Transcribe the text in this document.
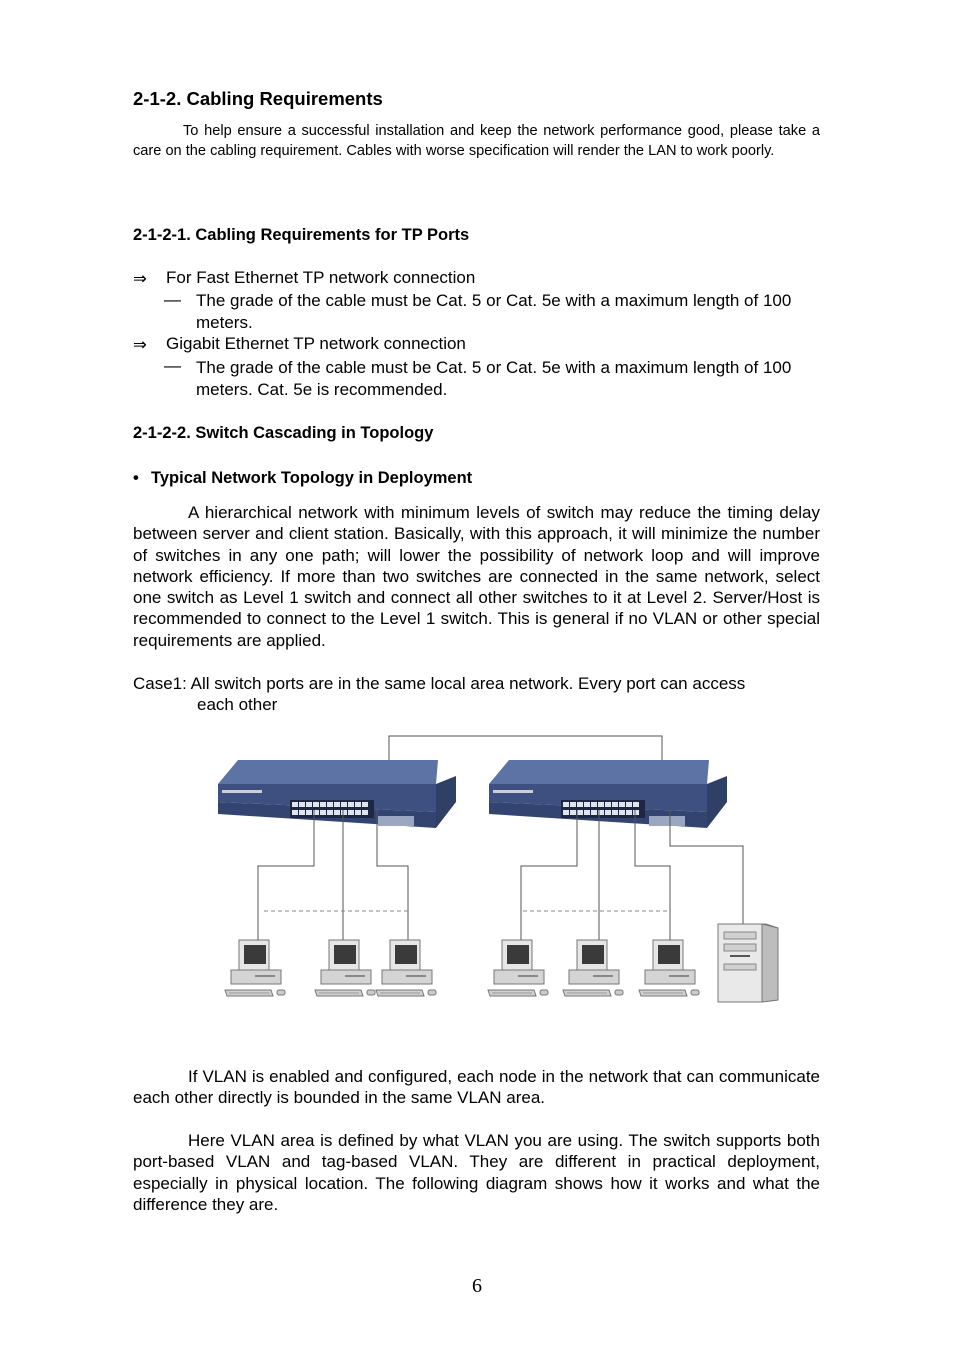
2-1-2. Cabling Requirements

To help ensure a successful installation and keep the network performance good, please take a care on the cabling requirement. Cables with worse specification will render the LAN to work poorly.

2-1-2-1. Cabling Requirements for TP Ports
⇒ For Fast Ethernet TP network connection
— The grade of the cable must be Cat. 5 or Cat. 5e with a maximum length of 100 meters.
⇒ Gigabit Ethernet TP network connection
— The grade of the cable must be Cat. 5 or Cat. 5e with a maximum length of 100 meters. Cat. 5e is recommended.
2-1-2-2. Switch Cascading in Topology
• Typical Network Topology in Deployment

A hierarchical network with minimum levels of switch may reduce the timing delay between server and client station. Basically, with this approach, it will minimize the number of switches in any one path; will lower the possibility of network loop and will improve network efficiency. If more than two switches are connected in the same network, select one switch as Level 1 switch and connect all other switches to it at Level 2. Server/Host is recommended to connect to the Level 1 switch. This is general if no VLAN or other special requirements are applied.

Case1: All switch ports are in the same local area network. Every port can access
each other

If VLAN is enabled and configured, each node in the network that can communicate each other directly is bounded in the same VLAN area.

Here VLAN area is defined by what VLAN you are using. The switch supports both port-based VLAN and tag-based VLAN. They are different in practical deployment, especially in physical location. The following diagram shows how it works and what the difference they are.

6
